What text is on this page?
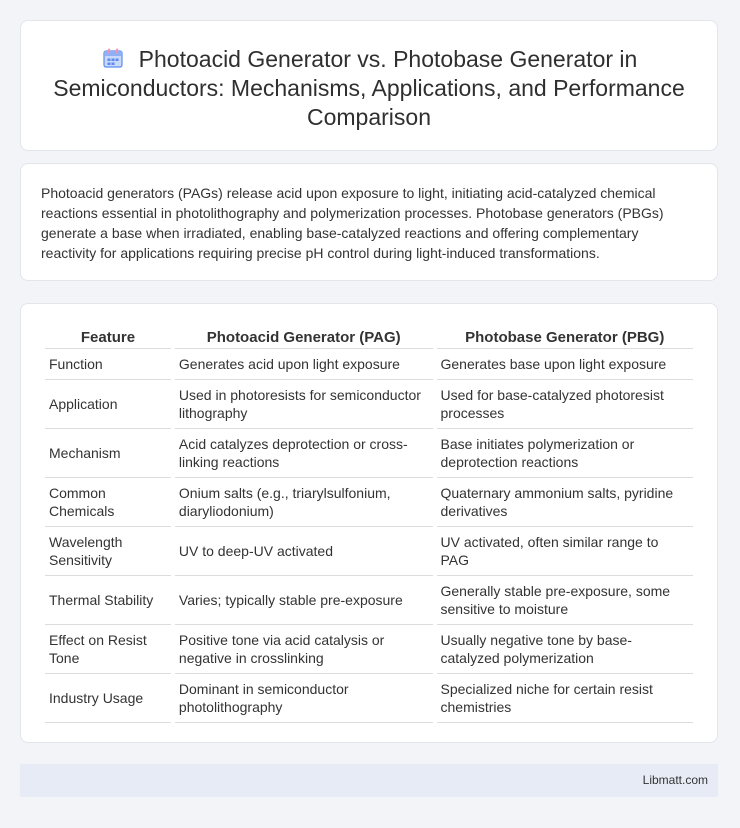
Photoacid Generator vs. Photobase Generator in Semiconductors: Mechanisms, Applications, and Performance Comparison

Photoacid generators (PAGs) release acid upon exposure to light, initiating acid-catalyzed chemical reactions essential in photolithography and polymerization processes. Photobase generators (PBGs) generate a base when irradiated, enabling base-catalyzed reactions and offering complementary reactivity for applications requiring precise pH control during light-induced transformations.

Feature	Photoacid Generator (PAG)	Photobase Generator (PBG)
Function	Generates acid upon light exposure	Generates base upon light exposure
Application	Used in photoresists for semiconductor lithography	Used for base-catalyzed photoresist processes
Mechanism	Acid catalyzes deprotection or cross-linking reactions	Base initiates polymerization or deprotection reactions
Common Chemicals	Onium salts (e.g., triarylsulfonium, diaryliodonium)	Quaternary ammonium salts, pyridine derivatives
Wavelength Sensitivity	UV to deep-UV activated	UV activated, often similar range to PAG
Thermal Stability	Varies; typically stable pre-exposure	Generally stable pre-exposure, some sensitive to moisture
Effect on Resist Tone	Positive tone via acid catalysis or negative in crosslinking	Usually negative tone by base-catalyzed polymerization
Industry Usage	Dominant in semiconductor photolithography	Specialized niche for certain resist chemistries
Libmatt.com
